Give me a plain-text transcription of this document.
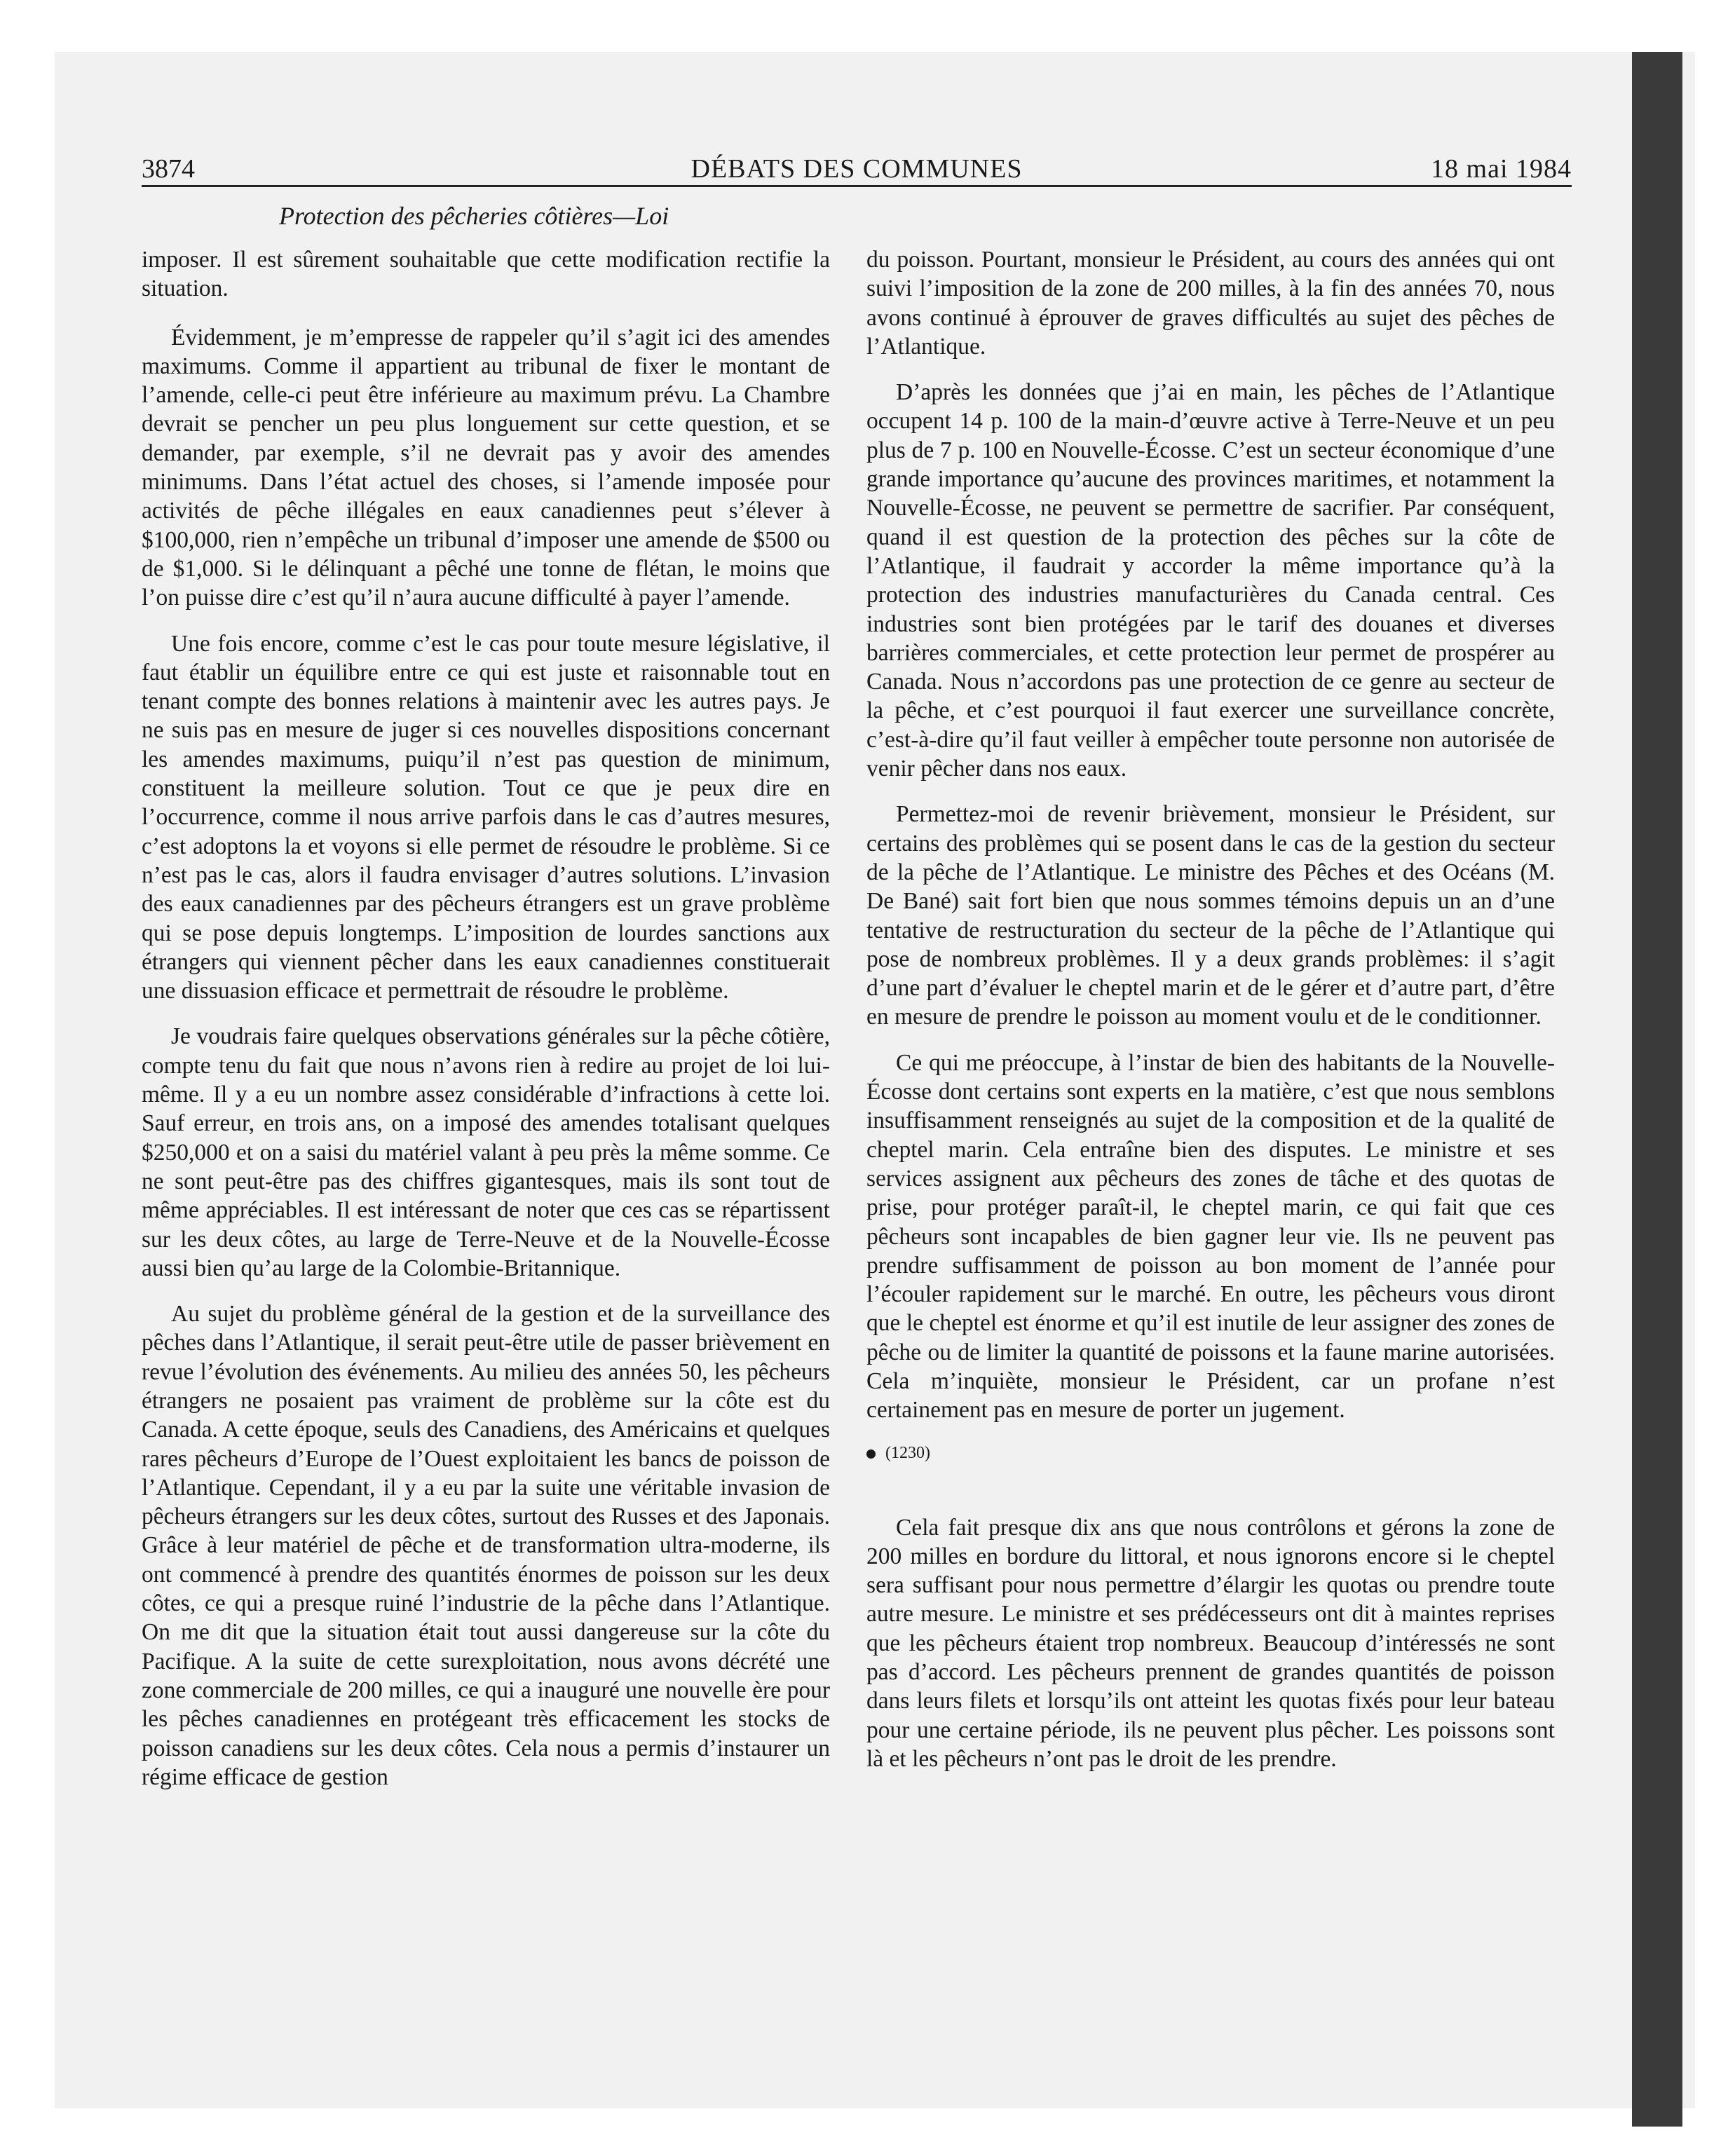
3874	DÉBATS DES COMMUNES	18 mai 1984
Protection des pêcheries côtières—Loi

imposer. Il est sûrement souhaitable que cette modification rectifie la situation.

Évidemment, je m’empresse de rappeler qu’il s’agit ici des amendes maximums. Comme il appartient au tribunal de fixer le montant de l’amende, celle-ci peut être inférieure au maximum prévu. La Chambre devrait se pencher un peu plus longuement sur cette question, et se demander, par exemple, s’il ne devrait pas y avoir des amendes minimums. Dans l’état actuel des choses, si l’amende imposée pour activités de pêche illégales en eaux canadiennes peut s’élever à $100,000, rien n’empêche un tribunal d’imposer une amende de $500 ou de $1,000. Si le délinquant a pêché une tonne de flétan, le moins que l’on puisse dire c’est qu’il n’aura aucune difficulté à payer l’amende.

Une fois encore, comme c’est le cas pour toute mesure législative, il faut établir un équilibre entre ce qui est juste et raisonnable tout en tenant compte des bonnes relations à maintenir avec les autres pays. Je ne suis pas en mesure de juger si ces nouvelles dispositions concernant les amendes maximums, puiqu’il n’est pas question de minimum, constituent la meilleure solution. Tout ce que je peux dire en l’occurrence, comme il nous arrive parfois dans le cas d’autres mesures, c’est adoptons la et voyons si elle permet de résoudre le problème. Si ce n’est pas le cas, alors il faudra envisager d’autres solutions. L’invasion des eaux canadiennes par des pêcheurs étrangers est un grave problème qui se pose depuis longtemps. L’imposition de lourdes sanctions aux étrangers qui viennent pêcher dans les eaux canadiennes constituerait une dissuasion efficace et permettrait de résoudre le problème.

Je voudrais faire quelques observations générales sur la pêche côtière, compte tenu du fait que nous n’avons rien à redire au projet de loi lui-même. Il y a eu un nombre assez considérable d’infractions à cette loi. Sauf erreur, en trois ans, on a imposé des amendes totalisant quelques $250,000 et on a saisi du matériel valant à peu près la même somme. Ce ne sont peut-être pas des chiffres gigantesques, mais ils sont tout de même appréciables. Il est intéressant de noter que ces cas se répartissent sur les deux côtes, au large de Terre-Neuve et de la Nouvelle-Écosse aussi bien qu’au large de la Colombie-Britannique.

Au sujet du problème général de la gestion et de la surveillance des pêches dans l’Atlantique, il serait peut-être utile de passer brièvement en revue l’évolution des événements. Au milieu des années 50, les pêcheurs étrangers ne posaient pas vraiment de problème sur la côte est du Canada. A cette époque, seuls des Canadiens, des Américains et quelques rares pêcheurs d’Europe de l’Ouest exploitaient les bancs de poisson de l’Atlantique. Cependant, il y a eu par la suite une véritable invasion de pêcheurs étrangers sur les deux côtes, surtout des Russes et des Japonais. Grâce à leur matériel de pêche et de transformation ultra-moderne, ils ont commencé à prendre des quantités énormes de poisson sur les deux côtes, ce qui a presque ruiné l’industrie de la pêche dans l’Atlantique. On me dit que la situation était tout aussi dangereuse sur la côte du Pacifique. A la suite de cette surexploitation, nous avons décrété une zone commerciale de 200 milles, ce qui a inauguré une nouvelle ère pour les pêches canadiennes en protégeant très efficacement les stocks de poisson canadiens sur les deux côtes. Cela nous a permis d’instaurer un régime efficace de gestion

du poisson. Pourtant, monsieur le Président, au cours des années qui ont suivi l’imposition de la zone de 200 milles, à la fin des années 70, nous avons continué à éprouver de graves difficultés au sujet des pêches de l’Atlantique.

D’après les données que j’ai en main, les pêches de l’Atlantique occupent 14 p. 100 de la main-d’œuvre active à Terre-Neuve et un peu plus de 7 p. 100 en Nouvelle-Écosse. C’est un secteur économique d’une grande importance qu’aucune des provinces maritimes, et notamment la Nouvelle-Écosse, ne peuvent se permettre de sacrifier. Par conséquent, quand il est question de la protection des pêches sur la côte de l’Atlantique, il faudrait y accorder la même importance qu’à la protection des industries manufacturières du Canada central. Ces industries sont bien protégées par le tarif des douanes et diverses barrières commerciales, et cette protection leur permet de prospérer au Canada. Nous n’accordons pas une protection de ce genre au secteur de la pêche, et c’est pourquoi il faut exercer une surveillance concrète, c’est-à-dire qu’il faut veiller à empêcher toute personne non autorisée de venir pêcher dans nos eaux.

Permettez-moi de revenir brièvement, monsieur le Président, sur certains des problèmes qui se posent dans le cas de la gestion du secteur de la pêche de l’Atlantique. Le ministre des Pêches et des Océans (M. De Bané) sait fort bien que nous sommes témoins depuis un an d’une tentative de restructuration du secteur de la pêche de l’Atlantique qui pose de nombreux problèmes. Il y a deux grands problèmes: il s’agit d’une part d’évaluer le cheptel marin et de le gérer et d’autre part, d’être en mesure de prendre le poisson au moment voulu et de le conditionner.

Ce qui me préoccupe, à l’instar de bien des habitants de la Nouvelle-Écosse dont certains sont experts en la matière, c’est que nous semblons insuffisamment renseignés au sujet de la composition et de la qualité de cheptel marin. Cela entraîne bien des disputes. Le ministre et ses services assignent aux pêcheurs des zones de tâche et des quotas de prise, pour protéger paraît-il, le cheptel marin, ce qui fait que ces pêcheurs sont incapables de bien gagner leur vie. Ils ne peuvent pas prendre suffisamment de poisson au bon moment de l’année pour l’écouler rapidement sur le marché. En outre, les pêcheurs vous diront que le cheptel est énorme et qu’il est inutile de leur assigner des zones de pêche ou de limiter la quantité de poissons et la faune marine autorisées. Cela m’inquiète, monsieur le Président, car un profane n’est certainement pas en mesure de porter un jugement.

(1230)

Cela fait presque dix ans que nous contrôlons et gérons la zone de 200 milles en bordure du littoral, et nous ignorons encore si le cheptel sera suffisant pour nous permettre d’élargir les quotas ou prendre toute autre mesure. Le ministre et ses prédécesseurs ont dit à maintes reprises que les pêcheurs étaient trop nombreux. Beaucoup d’intéressés ne sont pas d’accord. Les pêcheurs prennent de grandes quantités de poisson dans leurs filets et lorsqu’ils ont atteint les quotas fixés pour leur bateau pour une certaine période, ils ne peuvent plus pêcher. Les poissons sont là et les pêcheurs n’ont pas le droit de les prendre.
